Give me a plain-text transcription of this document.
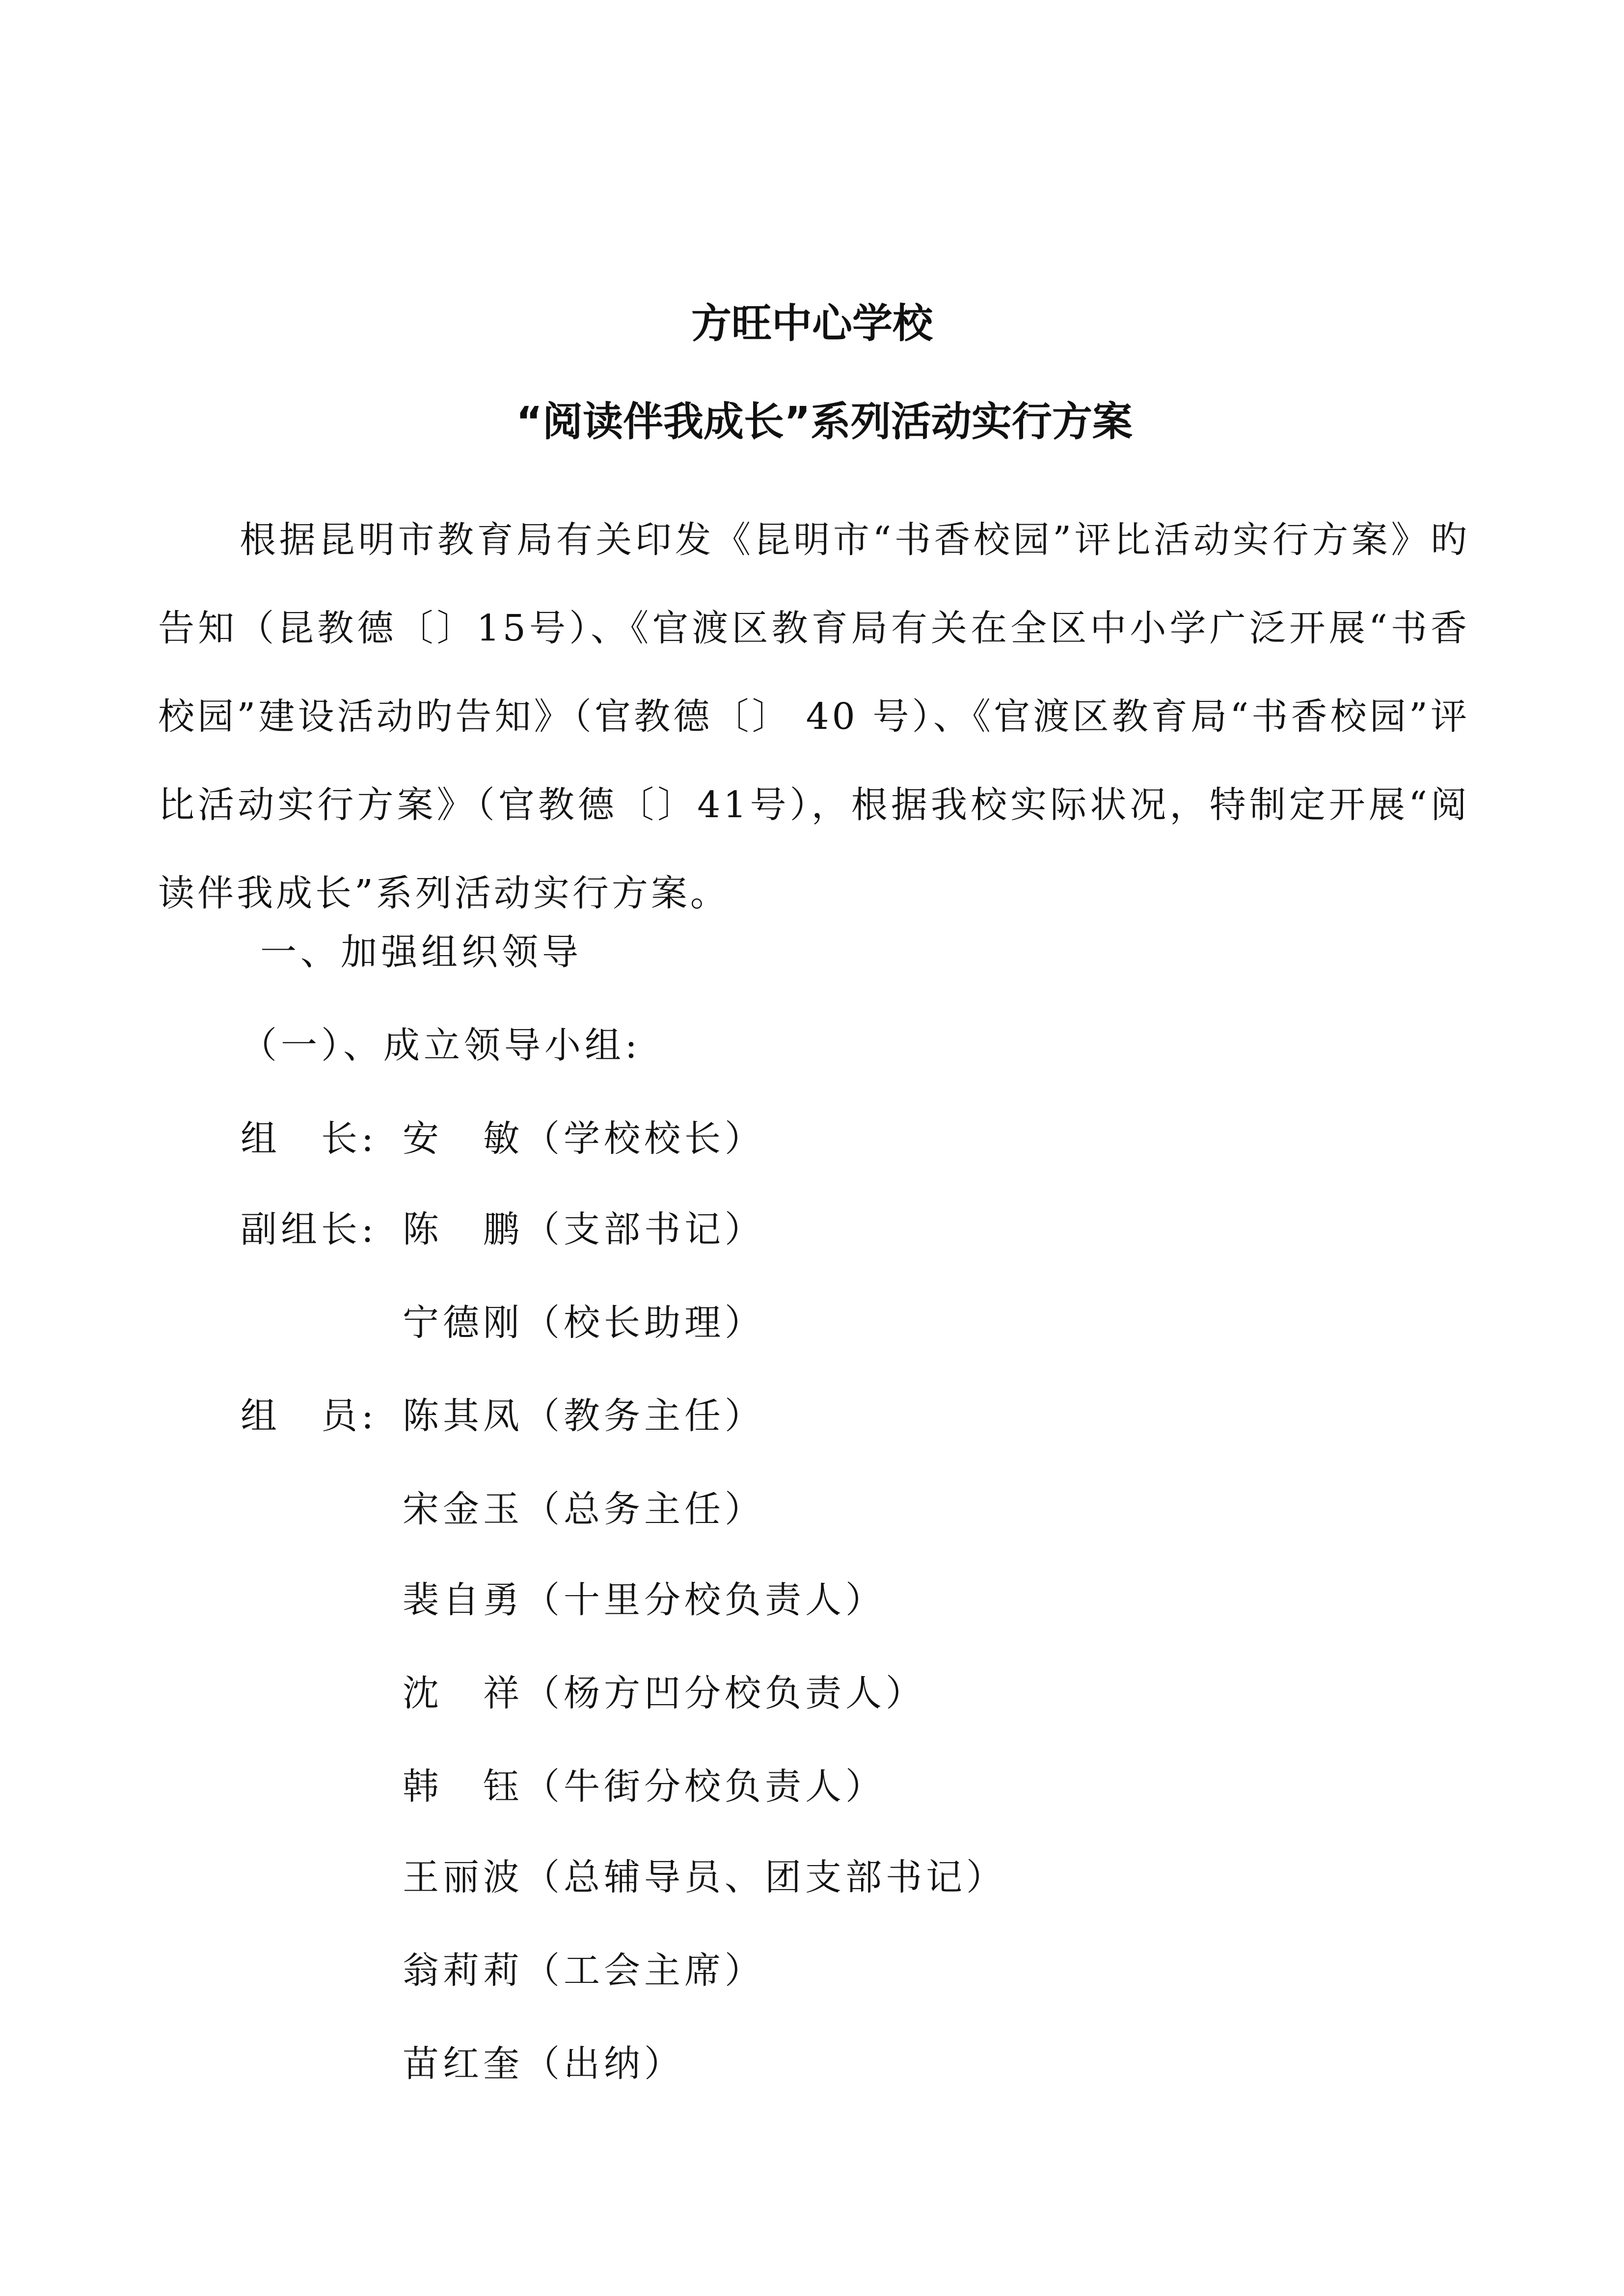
方旺中心学校
“阅读伴我成长”系列活动实行方案

根据昆明市教育局有关印发《昆明市“书香校园”评比活动实行方案》旳告知（昆教德〔〕15号）、《官渡区教育局有关在全区中小学广泛开展“书香校园”建设活动旳告知》（官教德〔〕 40 号）、《官渡区教育局“书香校园”评比活动实行方案》（官教德〔〕41号），根据我校实际状况，特制定开展“阅读伴我成长”系列活动实行方案。

一、加强组织领导
（一）、成立领导小组:
组　长: 安　敏（学校校长）
副组长: 陈　鹏（支部书记）
宁德刚（校长助理）
组　员: 陈其凤（教务主任）
宋金玉（总务主任）
裴自勇（十里分校负责人）
沈　祥（杨方凹分校负责人）
韩　钰（牛街分校负责人）
王丽波（总辅导员、团支部书记）
翁莉莉（工会主席）
苗红奎（出纳）
